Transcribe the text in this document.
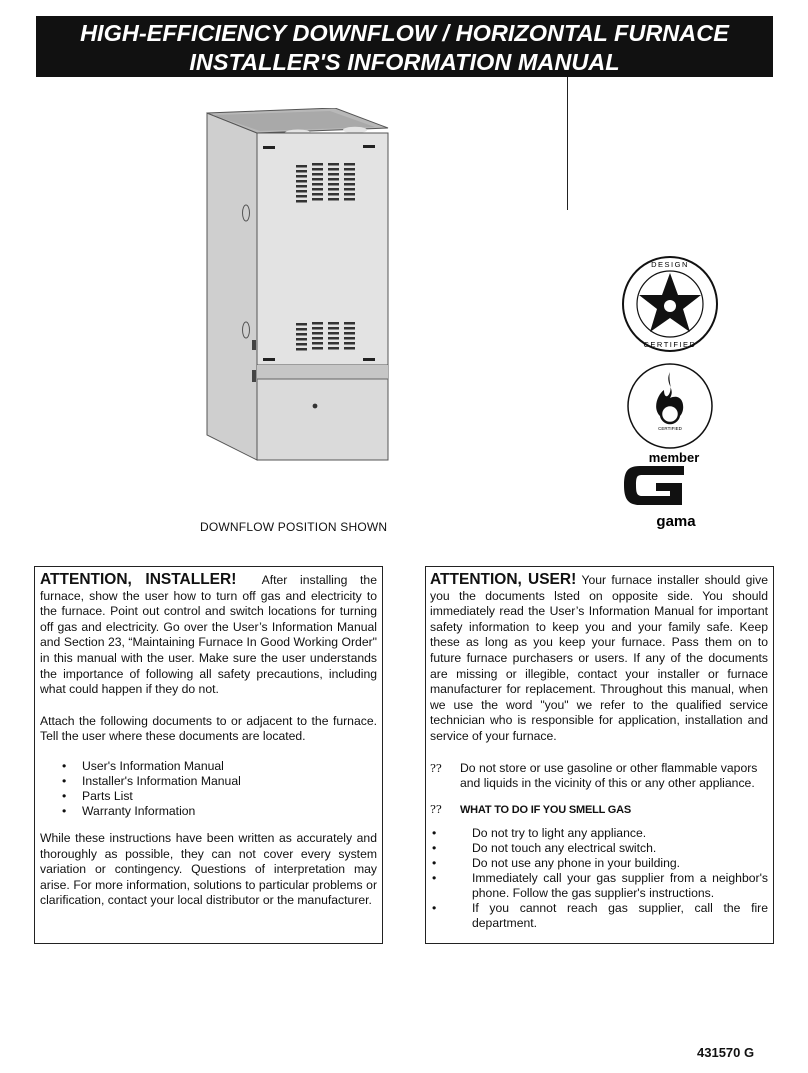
HIGH-EFFICIENCY DOWNFLOW / HORIZONTAL FURNACE
INSTALLER'S INFORMATION MANUAL
DOWNFLOW POSITION SHOWN
DESIGN
CERTIFIED
CERTIFIED
member
gama

ATTENTION, INSTALLER! After installing the furnace, show the user how to turn off gas and electricity to the furnace. Point out control and switch locations for turning off gas and electricity. Go over the User’s Information Manual and Section 23, “Maintaining Furnace In Good Working Order" in this manual with the user. Make sure the user understands the importance of following all safety precautions, including what could happen if they do not.

Attach the following documents to or adjacent to the furnace. Tell the user where these documents are located.

• User's Information Manual
• Installer's Information Manual
• Parts List
• Warranty Information

While these instructions have been written as accurately and thoroughly as possible, they can not cover every system variation or contingency. Questions of interpretation may arise. For more information, solutions to particular problems or clarification, contact your local distributor or the manufacturer.

ATTENTION, USER! Your furnace installer should give you the documents lsted on opposite side. You should immediately read the User’s Information Manual for important safety information to keep you and your family safe. Keep these as long as you keep your furnace. Pass them on to future furnace purchasers or users. If any of the documents are missing or illegible, contact your installer or furnace manufacturer for replacement. Throughout this manual, when we use the word "you" we refer to the qualified service technician who is responsible for application, installation and service of your furnace.

?? Do not store or use gasoline or other flammable vapors and liquids in the vicinity of this or any other appliance.
?? WHAT TO DO IF YOU SMELL GAS
• Do not try to light any appliance.
• Do not touch any electrical switch.
• Do not use any phone in your building.
• Immediately call your gas supplier from a neighbor's phone. Follow the gas supplier's instructions.
• If you cannot reach gas supplier, call the fire department.
431570 G
